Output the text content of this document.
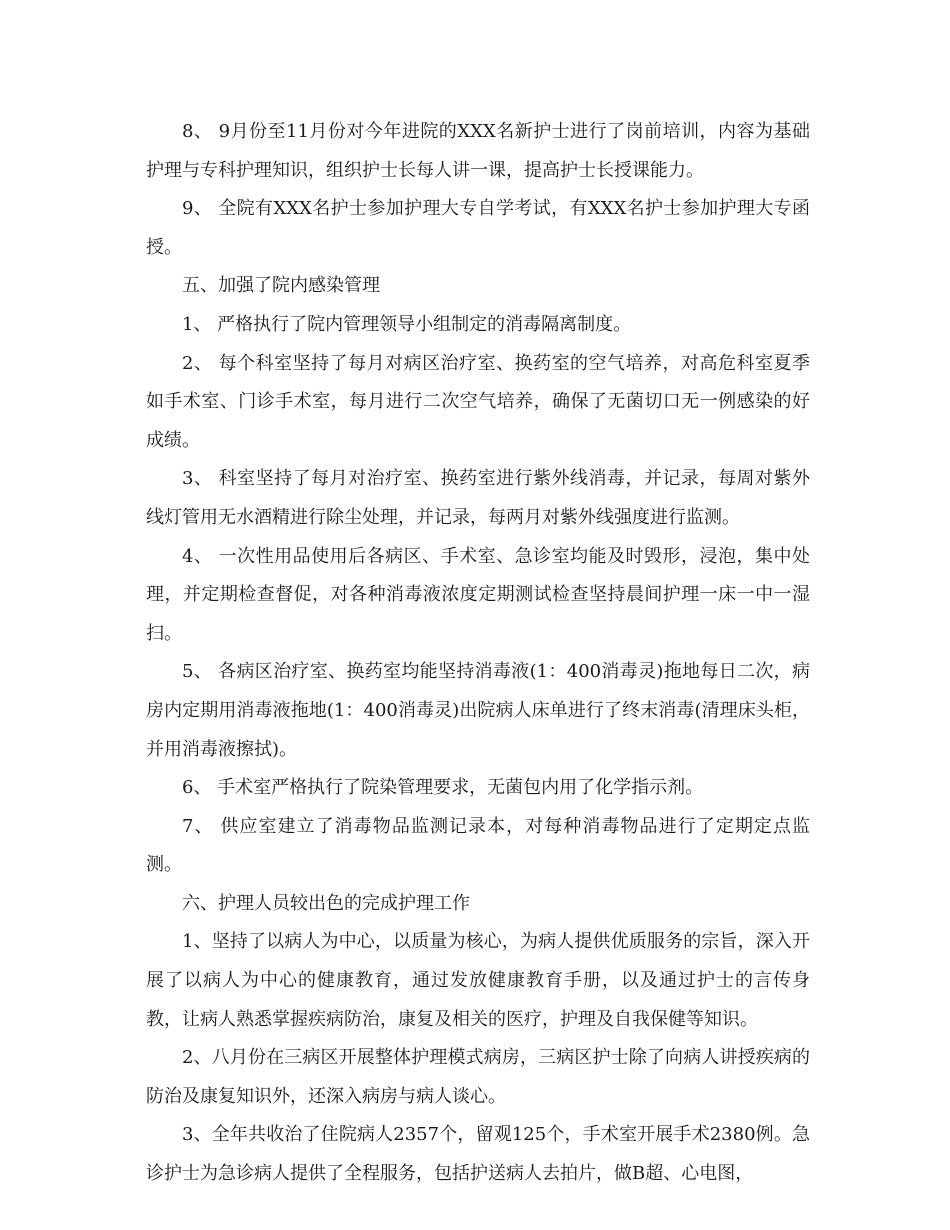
8、 9月份至11月份对今年进院的XXX名新护士进行了岗前培训，内容为基础护理与专科护理知识，组织护士长每人讲一课，提高护士长授课能力。

9、 全院有XXX名护士参加护理大专自学考试，有XXX名护士参加护理大专函授。

五、加强了院内感染管理

1、 严格执行了院内管理领导小组制定的消毒隔离制度。

2、 每个科室坚持了每月对病区治疗室、换药室的空气培养，对高危科室夏季如手术室、门诊手术室，每月进行二次空气培养，确保了无菌切口无一例感染的好成绩。

3、 科室坚持了每月对治疗室、换药室进行紫外线消毒，并记录，每周对紫外线灯管用无水酒精进行除尘处理，并记录，每两月对紫外线强度进行监测。

4、 一次性用品使用后各病区、手术室、急诊室均能及时毁形，浸泡，集中处理，并定期检查督促，对各种消毒液浓度定期测试检查坚持晨间护理一床一中一湿扫。

5、 各病区治疗室、换药室均能坚持消毒液(1：400消毒灵)拖地每日二次，病房内定期用消毒液拖地(1：400消毒灵)出院病人床单进行了终末消毒(清理床头柜，并用消毒液擦拭)。

6、 手术室严格执行了院染管理要求，无菌包内用了化学指示剂。

7、 供应室建立了消毒物品监测记录本，对每种消毒物品进行了定期定点监测。

六、护理人员较出色的完成护理工作

1、坚持了以病人为中心，以质量为核心，为病人提供优质服务的宗旨，深入开展了以病人为中心的健康教育，通过发放健康教育手册，以及通过护士的言传身教，让病人熟悉掌握疾病防治，康复及相关的医疗，护理及自我保健等知识。

2、八月份在三病区开展整体护理模式病房，三病区护士除了向病人讲授疾病的防治及康复知识外，还深入病房与病人谈心。

3、全年共收治了住院病人2357个，留观125个，手术室开展手术2380例。急诊护士为急诊病人提供了全程服务，包括护送病人去拍片，做B超、心电图，
